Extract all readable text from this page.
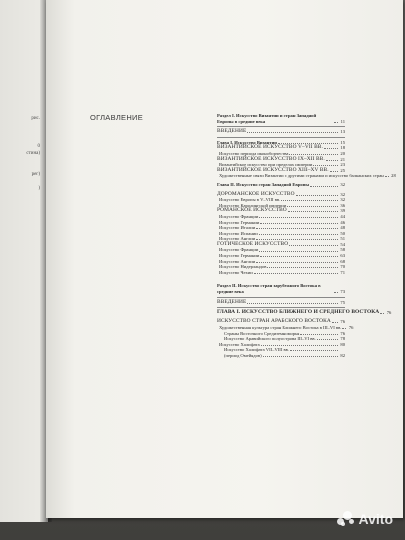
рис.

0
стина)

рег)

ОГЛАВЛЕНИЕ	Раздел I. Искусство Византии и стран Западной Европы в средние века	11
ВВЕДЕНИЕ	13
Глава I. Искусство Византии	15
ВИЗАНТИЙСКОЕ ИСКУССТВО V–VII ВВ.	18
Искусство периода иконоборчества	20
ВИЗАНТИЙСКОЕ ИСКУССТВО IX–XII ВВ.	21
Византийское искусство при пределах империи	23
ВИЗАНТИЙСКОЕ ИСКУССТВО XIII–XV ВВ.	25
Художественные связи Византии с другими странами и искусство балканских стран	28
Глава II. Искусство стран Западной Европы	32
ДОРОМАНСКОЕ ИСКУССТВО	32
Искусство Европы в V–VIII вв.	32
Искусство Каролингской империи	36
РОМАНСКОЕ ИСКУССТВО	39
Искусство Франции	44
Искусство Германии	46
Искусство Италии	48
Искусство Испании	50
Искусство Англии	51
ГОТИЧЕСКОЕ ИСКУССТВО	54
Искусство Франции	58
Искусство Германии	63
Искусство Англии	68
Искусство Нидерландов	70
Искусство Чехии	71
Раздел II. Искусство стран зарубежного Востока в средние века	73
ВВЕДЕНИЕ	75
ГЛАВА I. ИСКУССТВО БЛИЖНЕГО И СРЕДНЕГО ВОСТОКА	76
ИСКУССТВО СТРАН АРАБСКОГО ВОСТОКА	76
Художественная культура стран Ближнего Востока в III–VI вв.	76
Страны Восточного Средиземноморья	76
Искусство Аравийского полуострова III–VI вв.	78
Искусство Халифата	80
Искусство Халифата VII–VIII вв.
(период Омейядов)	82
Avito
